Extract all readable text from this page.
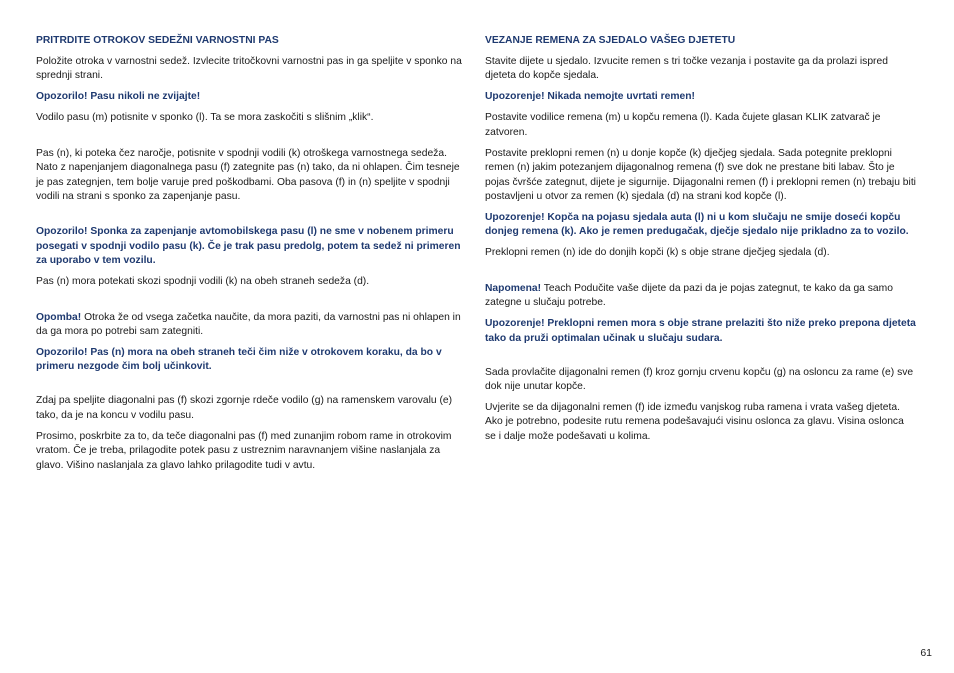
PRITRDITE OTROKOV SEDEŽNI VARNOSTNI PAS

Položite otroka v varnostni sedež. Izvlecite tritočkovni varnostni pas in ga speljite v sponko na sprednji strani.

Opozorilo! Pasu nikoli ne zvijajte!

Vodilo pasu (m) potisnite v sponko (l). Ta se mora zaskočiti s slišnim „klik“.

Pas (n), ki poteka čez naročje, potisnite v spodnji vodili (k) otroškega varnostnega sedeža. Nato z napenjanjem diagonalnega pasu (f) zategnite pas (n) tako, da ni ohlapen. Čim tesneje je pas zategnjen, tem bolje varuje pred poškodbami. Oba pasova (f) in (n) speljite v spodnji vodili na strani s sponko za zapenjanje pasu.

Opozorilo! Sponka za zapenjanje avtomobilskega pasu (l) ne sme v nobenem primeru posegati v spodnji vodilo pasu (k). Če je trak pasu predolg, potem ta sedež ni primeren za uporabo v tem vozilu.

Pas (n) mora potekati skozi spodnji vodili (k) na obeh straneh sedeža (d).

Opomba! Otroka že od vsega začetka naučite, da mora paziti, da varnostni pas ni ohlapen in da ga mora po potrebi sam zategniti.

Opozorilo! Pas (n) mora na obeh straneh teči čim niže v otrokovem koraku, da bo v primeru nezgode čim bolj učinkovit.

Zdaj pa speljite diagonalni pas (f) skozi zgornje rdeče vodilo (g) na ramenskem varovalu (e) tako, da je na koncu v vodilu pasu.

Prosimo, poskrbite za to, da teče diagonalni pas (f) med zunanjim robom rame in otrokovim vratom. Če je treba, prilagodite potek pasu z ustreznim naravnanjem višine naslanjala za glavo. Višino naslanjala za glavo lahko prilagodite tudi v avtu.

VEZANJE REMENA ZA SJEDALO VAŠEG DJETETU

Stavite dijete u sjedalo. Izvucite remen s tri točke vezanja i postavite ga da prolazi ispred djeteta do kopče sjedala.

Upozorenje! Nikada nemojte uvrtati remen!

Postavite vodilice remena (m) u kopču remena (l). Kada čujete glasan KLIK zatvarač je zatvoren.

Postavite preklopni remen (n) u donje kopče (k) dječjeg sjedala. Sada potegnite preklopni remen (n) jakim potezanjem dijagonalnog remena (f) sve dok ne prestane biti labav. Što je pojas čvršće zategnut, dijete je sigurnije. Dijagonalni remen (f) i preklopni remen (n) trebaju biti postavljeni u otvor za remen (k) sjedala (d) na strani kod kopče (l).

Upozorenje! Kopča na pojasu sjedala auta (l) ni u kom slučaju ne smije doseći kopču donjeg remena (k). Ako je remen predugačak, dječje sjedalo nije prikladno za to vozilo.

Preklopni remen (n) ide do donjih kopči (k) s obje strane dječjeg sjedala (d).

Napomena! Teach Podučite vaše dijete da pazi da je pojas zategnut, te kako da ga samo zategne u slučaju potrebe.

Upozorenje! Preklopni remen mora s obje strane prelaziti što niže preko prepona djeteta tako da pruži optimalan učinak u slučaju sudara.

Sada provlačite dijagonalni remen (f) kroz gornju crvenu kopču (g) na osloncu za rame (e) sve dok nije unutar kopče.

Uvjerite se da dijagonalni remen (f) ide između vanjskog ruba ramena i vrata vašeg djeteta. Ako je potrebno, podesite rutu remena podešavajući visinu oslonca za glavu. Visina oslonca se i dalje može podešavati u kolima.

61
